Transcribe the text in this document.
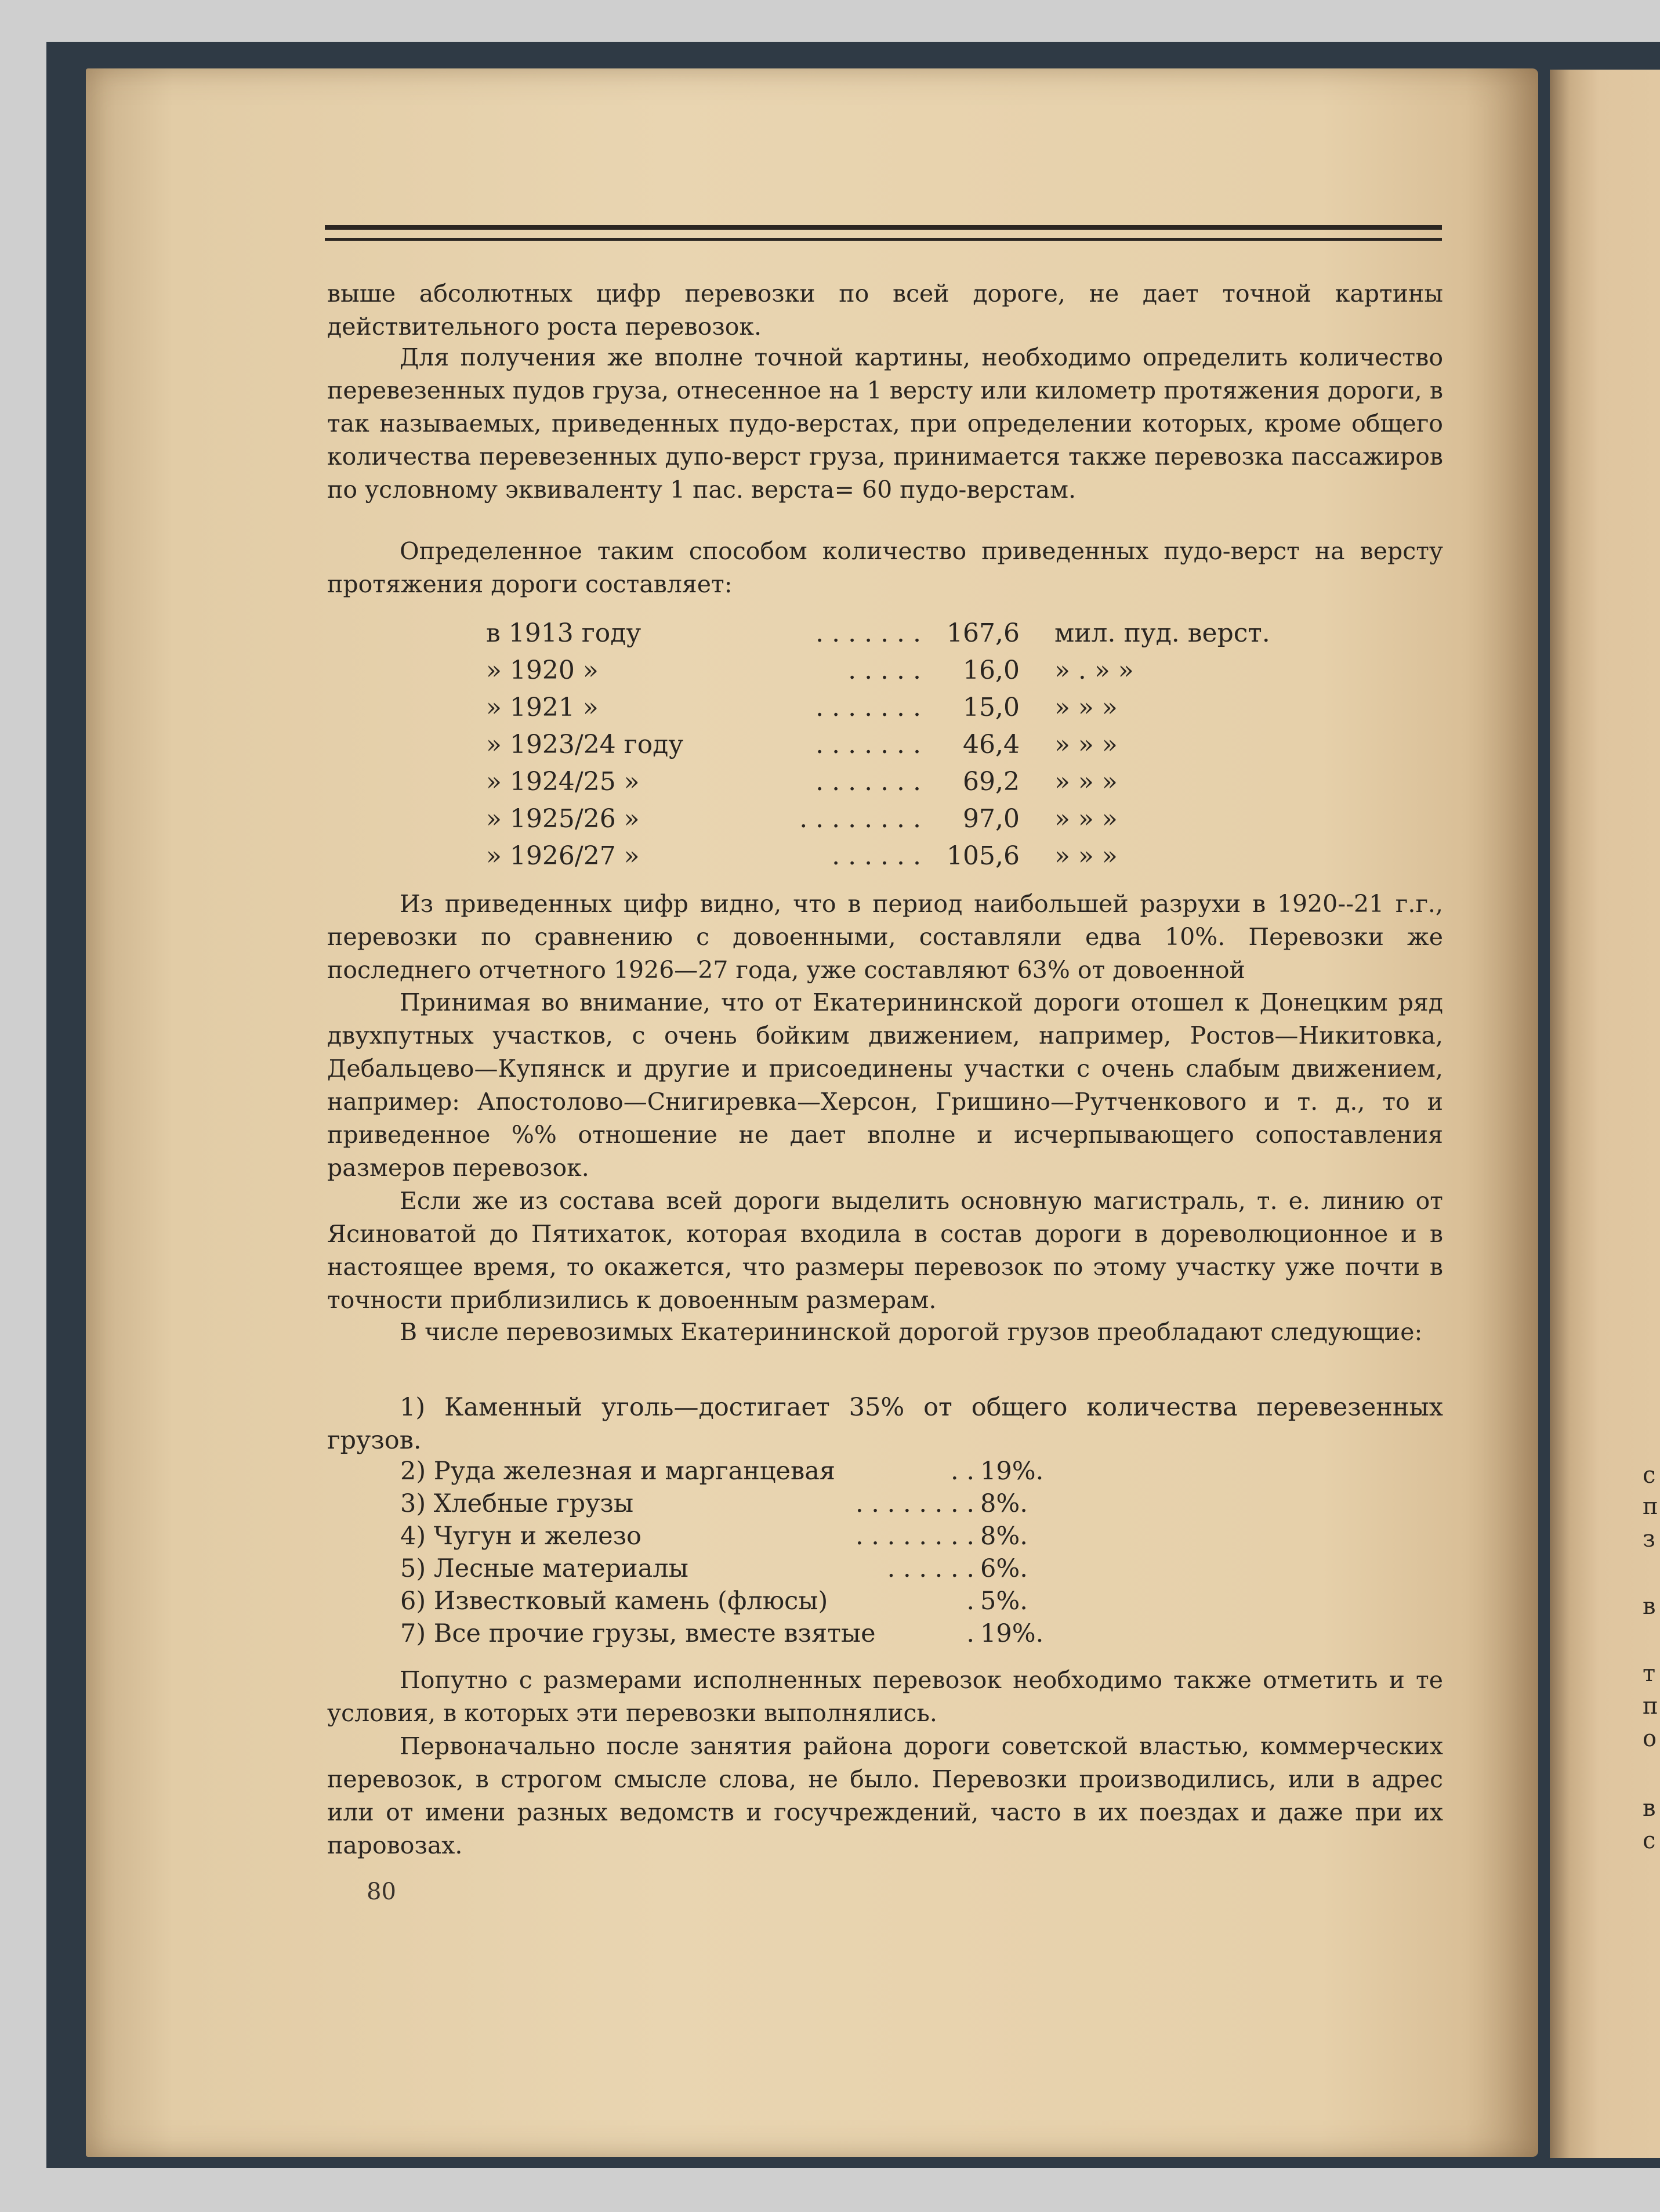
выше абсолютных цифр перевозки по всей дороге, не дает точной картины действительного роста перевозок.
Для получения же вполне точной картины, необходимо определить количество перевезенных пудов груза, отнесенное на 1 версту или километр протяжения дороги, в так называемых, приведенных пудо-верстах, при определении которых, кроме общего количества перевезенных дупо-верст груза, принимается также перевозка пассажиров по условному эквиваленту 1 пас. верста= 60 пудо-верстам.
Определенное таким способом количество приведенных пудо-верст на версту протяжения дороги составляет:
в 1913 году	. . . . . . .	167,6 мил. пуд. верст.
» 1920 »	. . . . .	16,0 » . » »
» 1921 »	. . . . . . .	15,0 » » »
» 1923/24 году	. . . . . . .	46,4 » » »
» 1924/25 »	. . . . . . .	69,2 » » »
» 1925/26 »	. . . . . . . .	97,0 » » »
» 1926/27 »	. . . . . .	105,6 » » »
Из приведенных цифр видно, что в период наибольшей разрухи в 1920--21 г.г., перевозки по сравнению с довоенными, составляли едва 10%. Перевозки же последнего отчетного 1926—27 года, уже составляют 63% от довоенной
Принимая во внимание, что от Екатерининской дороги отошел к Донецким ряд двухпутных участков, с очень бойким движением, например, Ростов—Никитовка, Дебальцево—Купянск и другие и присоединены участки с очень слабым движением, например: Апостолово—Снигиревка—Херсон, Гришино—Рутченкового и т. д., то и приведенное %% отношение не дает вполне и исчерпывающего сопоставления размеров перевозок.
Если же из состава всей дороги выделить основную магистраль, т. е. линию от Ясиноватой до Пятихаток, которая входила в состав дороги в дореволюционное и в настоящее время, то окажется, что размеры перевозок по этому участку уже почти в точности приблизились к довоенным размерам.
В числе перевозимых Екатерининской дорогой грузов преобладают следующие:
1) Каменный уголь—достигает 35% от общего количества перевезенных грузов.
2) Руда железная и марганцевая	. . 19%.
3) Хлебные грузы	. . . . . . . . 8%.
4) Чугун и железо	. . . . . . . . 8%.
5) Лесные материалы	. . . . . . 6%.
6) Известковый камень (флюсы)	. 5%.
7) Все прочие грузы, вместе взятые	. 19%.
Попутно с размерами исполненных перевозок необходимо также отметить и те условия, в которых эти перевозки выполнялись.
Первоначально после занятия района дороги советской властью, коммерческих перевозок, в строгом смысле слова, не было. Перевозки производились, или в адрес или от имени разных ведомств и госучреждений, часто в их поездах и даже при их паровозах.
80
с
п
з
в
т
п
о
в
с
